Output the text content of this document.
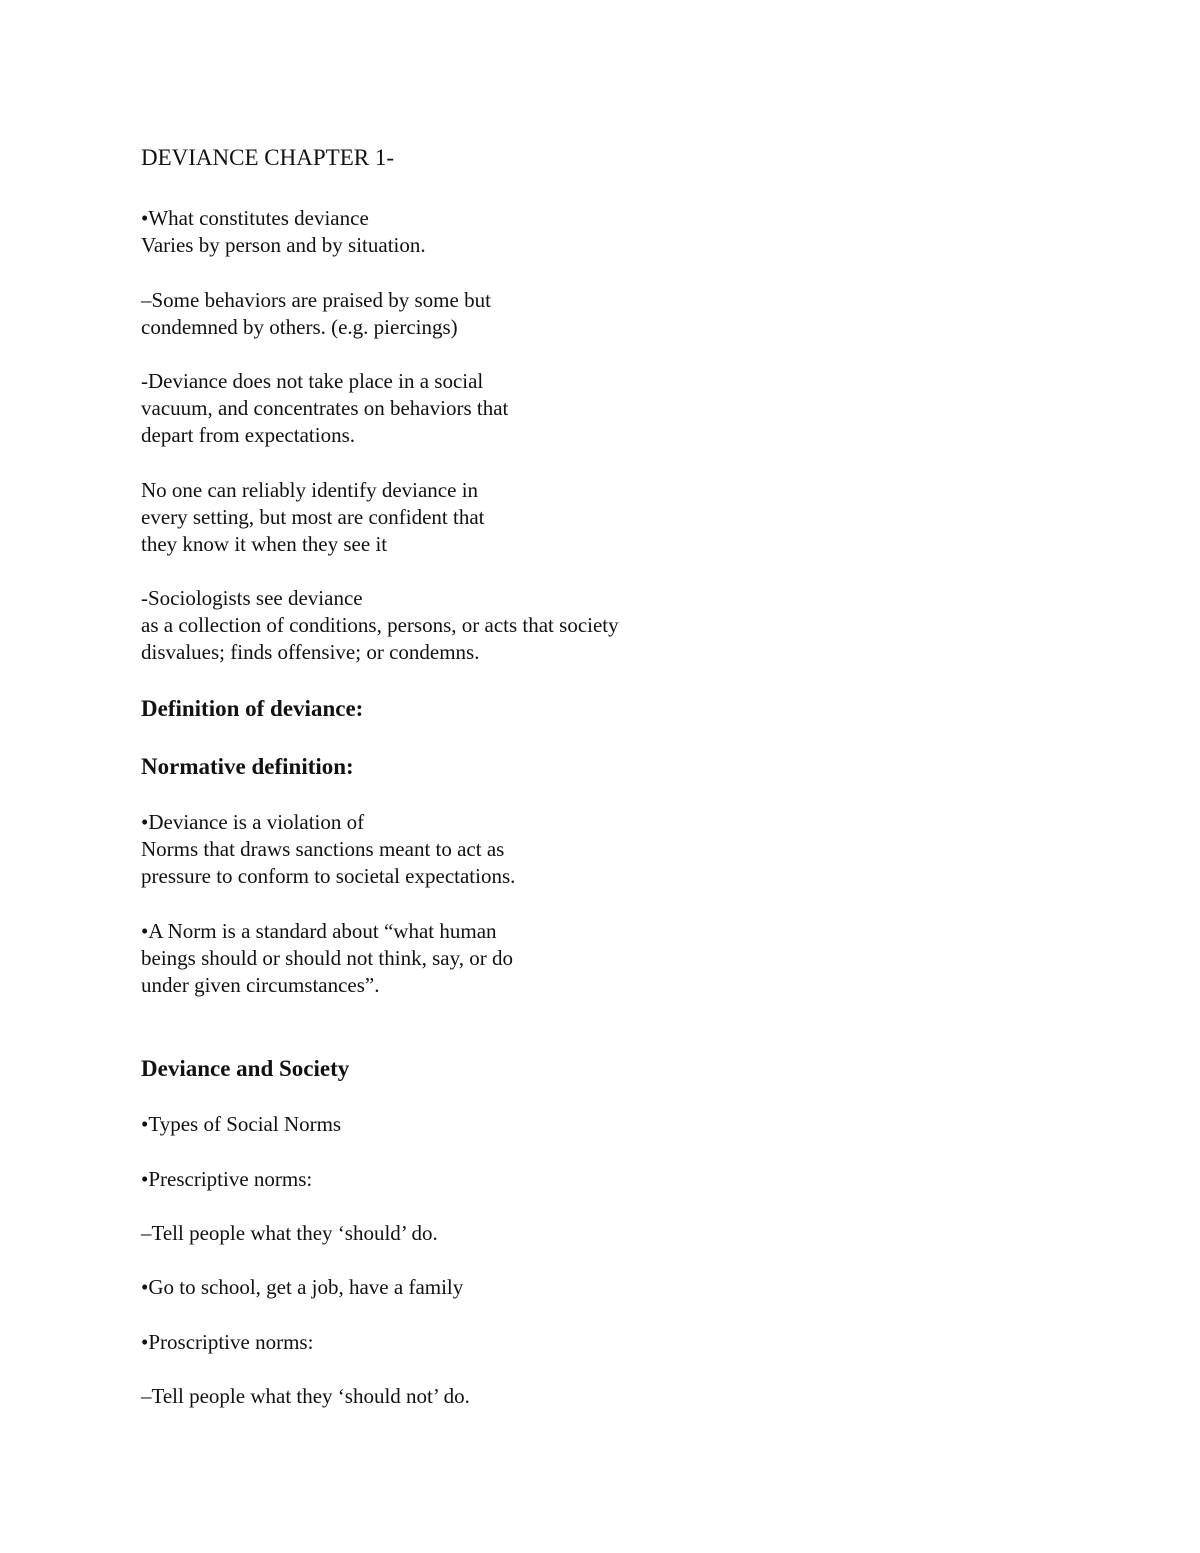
DEVIANCE CHAPTER 1-
•What constitutes deviance
Varies by person and by situation.
–Some behaviors are praised by some but
condemned by others. (e.g. piercings)
-Deviance does not take place in a social
vacuum, and concentrates on behaviors that
depart from expectations.
No one can reliably identify deviance in
every setting, but most are confident that
they know it when they see it
-Sociologists see deviance
as a collection of conditions, persons, or acts that society
disvalues; finds offensive; or condemns.
Definition of deviance:
Normative definition:
•Deviance is a violation of
Norms that draws sanctions meant to act as
pressure to conform to societal expectations.
•A Norm is a standard about “what human
beings should or should not think, say, or do
under given circumstances”.
Deviance and Society
•Types of Social Norms
•Prescriptive norms:
–Tell people what they ‘should’ do.
•Go to school, get a job, have a family
•Proscriptive norms:
–Tell people what they ‘should not’ do.
